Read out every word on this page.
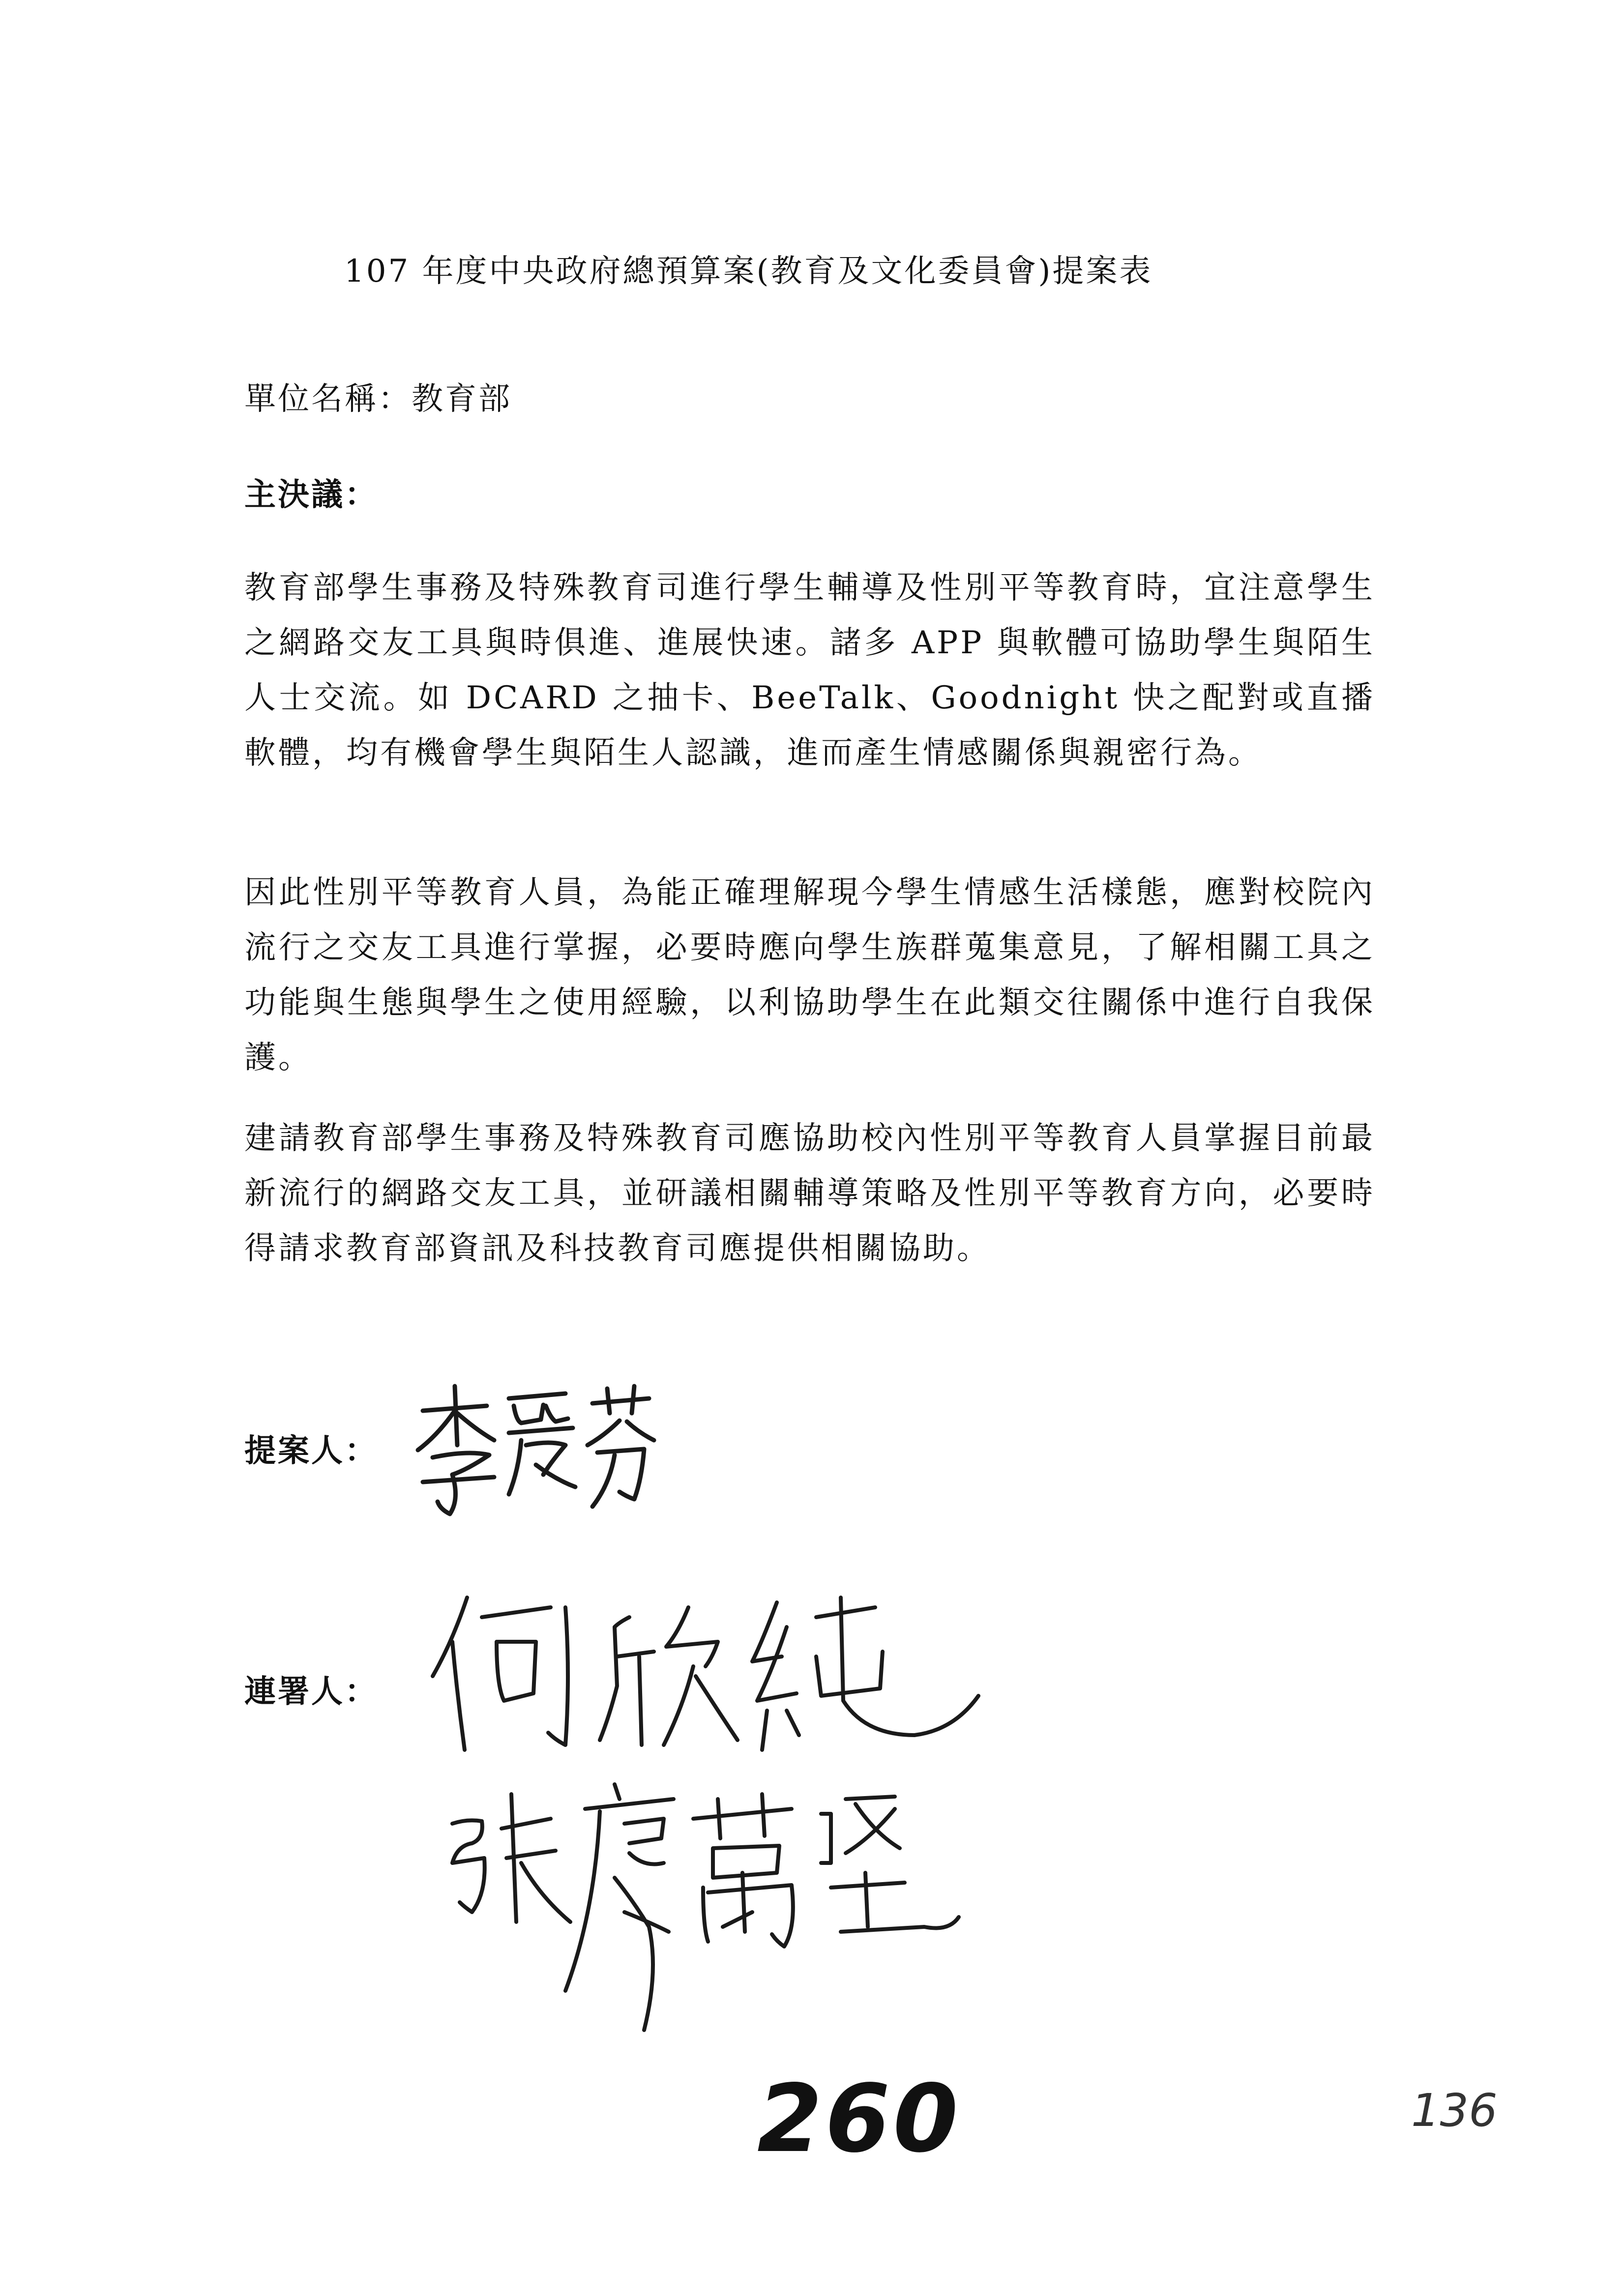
107 年度中央政府總預算案(教育及文化委員會)提案表
單位名稱：教育部
主決議：

教育部學生事務及特殊教育司進行學生輔導及性別平等教育時，宜注意學生之網路交友工具與時俱進、進展快速。諸多 APP 與軟體可協助學生與陌生人士交流。如 DCARD 之抽卡、BeeTalk、Goodnight 快之配對或直播軟體，均有機會學生與陌生人認識，進而產生情感關係與親密行為。

因此性別平等教育人員，為能正確理解現今學生情感生活樣態，應對校院內流行之交友工具進行掌握，必要時應向學生族群蒐集意見，了解相關工具之功能與生態與學生之使用經驗，以利協助學生在此類交往關係中進行自我保護。

建請教育部學生事務及特殊教育司應協助校內性別平等教育人員掌握目前最新流行的網路交友工具，並研議相關輔導策略及性別平等教育方向，必要時得請求教育部資訊及科技教育司應提供相關協助。

提案人：
連署人：
260	136
